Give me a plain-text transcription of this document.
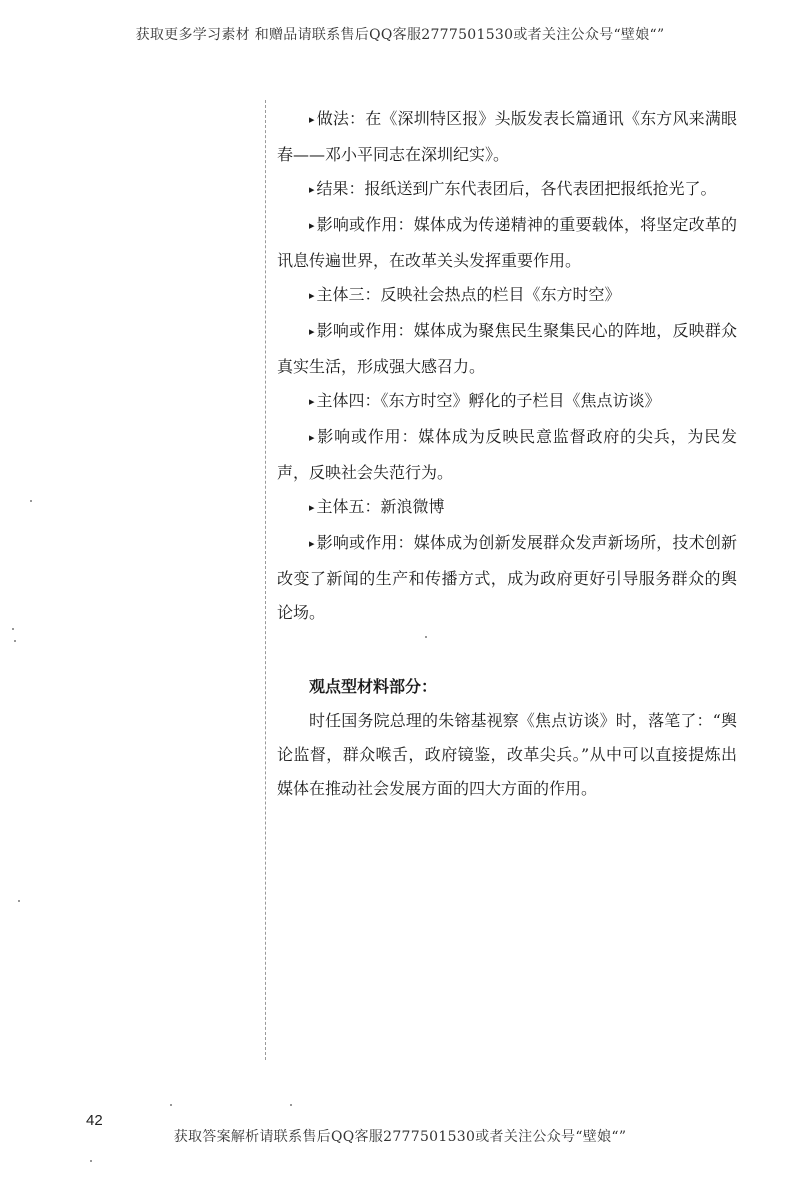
获取更多学习素材 和赠品请联系售后QQ客服2777501530或者关注公众号“壁娘“”

▸ 做法：在《深圳特区报》头版发表长篇通讯《东方风来满眼春——邓小平同志在深圳纪实》。

▸ 结果：报纸送到广东代表团后，各代表团把报纸抢光了。

▸ 影响或作用：媒体成为传递精神的重要载体，将坚定改革的讯息传遍世界，在改革关头发挥重要作用。

▸ 主体三：反映社会热点的栏目《东方时空》

▸ 影响或作用：媒体成为聚焦民生聚集民心的阵地，反映群众真实生活，形成强大感召力。

▸ 主体四：《东方时空》孵化的子栏目《焦点访谈》

▸ 影响或作用：媒体成为反映民意监督政府的尖兵，为民发声，反映社会失范行为。

▸ 主体五：新浪微博

▸ 影响或作用：媒体成为创新发展群众发声新场所，技术创新改变了新闻的生产和传播方式，成为政府更好引导服务群众的舆论场。

观点型材料部分：

时任国务院总理的朱镕基视察《焦点访谈》时，落笔了：“舆论监督，群众喉舌，政府镜鉴，改革尖兵。”从中可以直接提炼出媒体在推动社会发展方面的四大方面的作用。

42
获取答案解析请联系售后QQ客服2777501530或者关注公众号“壁娘“”
